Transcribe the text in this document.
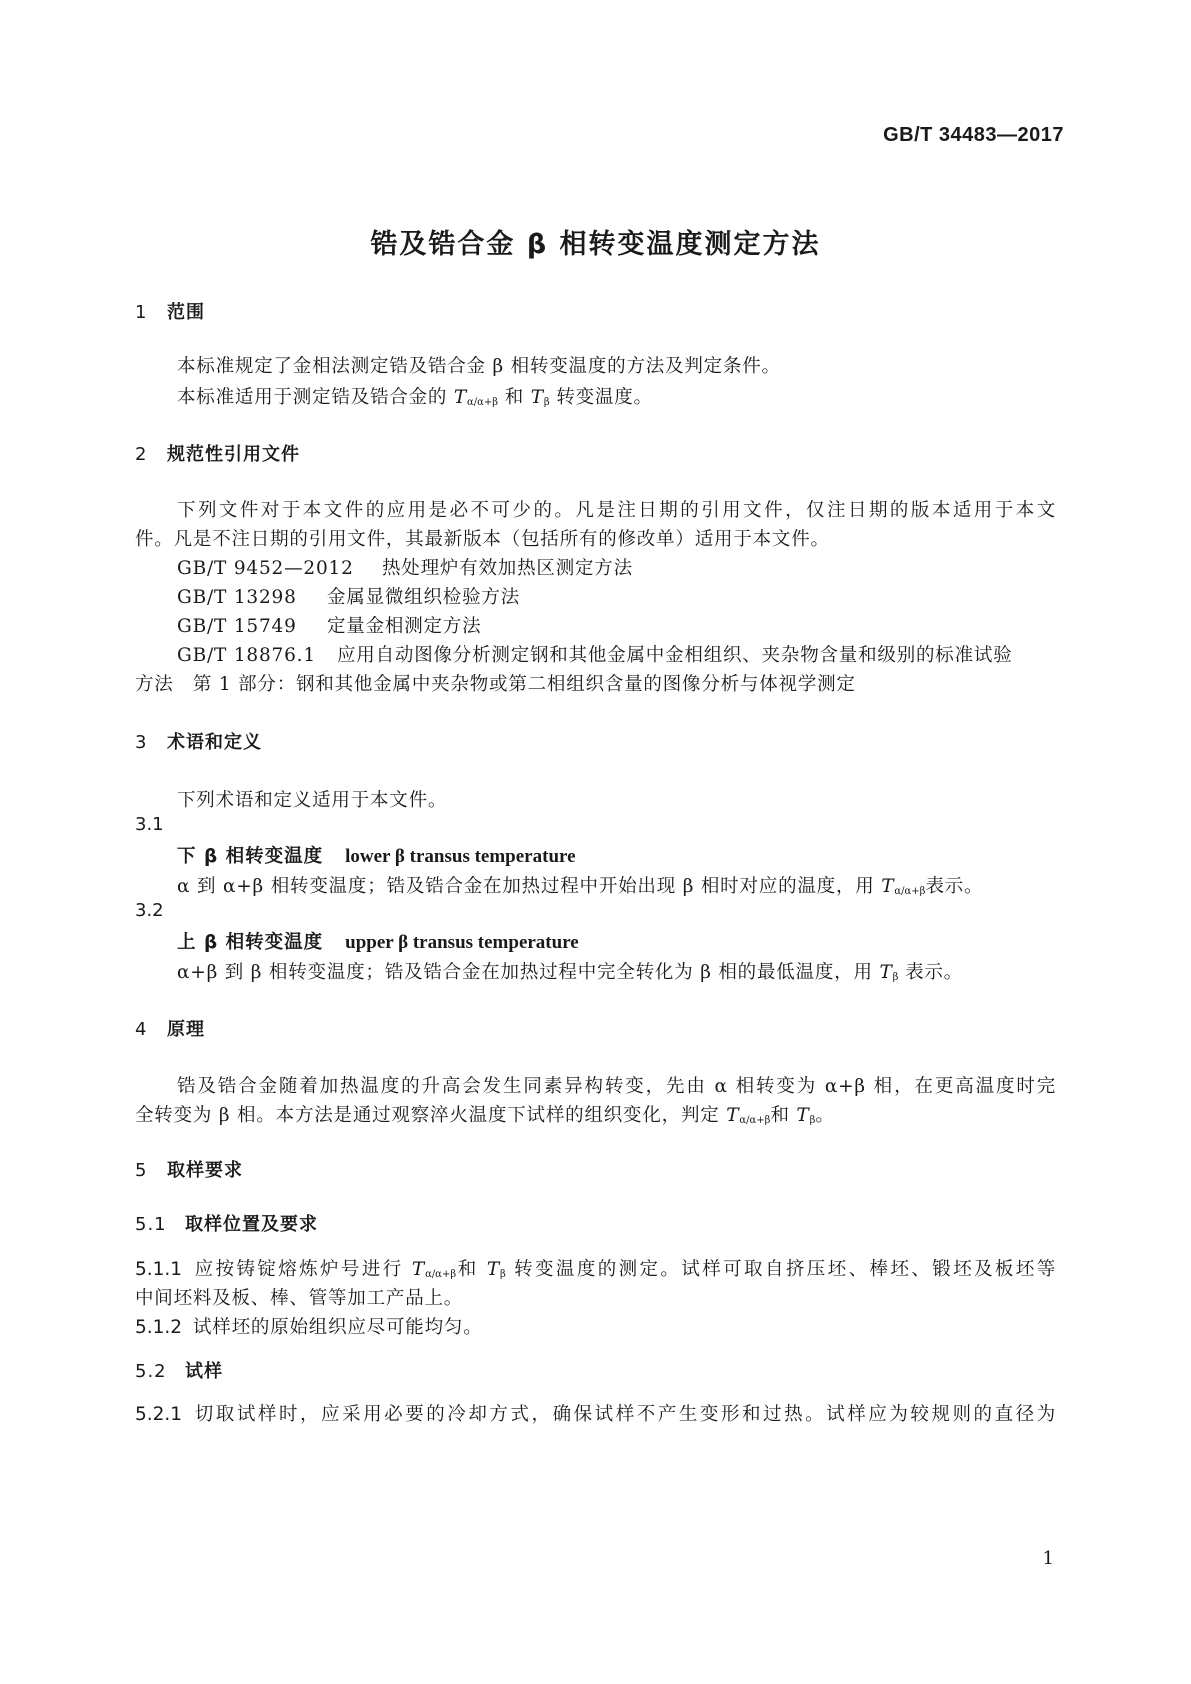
GB/T 34483—2017
锆及锆合金 β 相转变温度测定方法
1 范围
本标准规定了金相法测定锆及锆合金 β 相转变温度的方法及判定条件。
本标准适用于测定锆及锆合金的 $T_{\alpha/\alpha+\beta}$ 和 $T_\beta$ 转变温度。
2 规范性引用文件
下列文件对于本文件的应用是必不可少的。凡是注日期的引用文件，仅注日期的版本适用于本文
件。凡是不注日期的引用文件，其最新版本（包括所有的修改单）适用于本文件。
GB/T 9452—2012 热处理炉有效加热区测定方法
GB/T 13298 金属显微组织检验方法
GB/T 15749 定量金相测定方法
GB/T 18876.1 应用自动图像分析测定钢和其他金属中金相组织、夹杂物含量和级别的标准试验
方法　第 1 部分：钢和其他金属中夹杂物或第二相组织含量的图像分析与体视学测定
3 术语和定义
下列术语和定义适用于本文件。
3.1
下 β 相转变温度 lower β transus temperature
α 到 α+β 相转变温度；锆及锆合金在加热过程中开始出现 β 相时对应的温度，用 $T_{\alpha/\alpha+\beta}$表示。
3.2
上 β 相转变温度 upper β transus temperature
α+β 到 β 相转变温度；锆及锆合金在加热过程中完全转化为 β 相的最低温度，用 $T_\beta$ 表示。
4 原理
锆及锆合金随着加热温度的升高会发生同素异构转变，先由 α 相转变为 α+β 相，在更高温度时完
全转变为 β 相。本方法是通过观察淬火温度下试样的组织变化，判定 $T_{\alpha/\alpha+\beta}$和 $T_\beta$。
5 取样要求
5.1 取样位置及要求
5.1.1 应按铸锭熔炼炉号进行 $T_{\alpha/\alpha+\beta}$和 $T_\beta$ 转变温度的测定。试样可取自挤压坯、棒坯、锻坯及板坯等
中间坯料及板、棒、管等加工产品上。
5.1.2 试样坯的原始组织应尽可能均匀。
5.2 试样
5.2.1 切取试样时，应采用必要的冷却方式，确保试样不产生变形和过热。试样应为较规则的直径为
1
